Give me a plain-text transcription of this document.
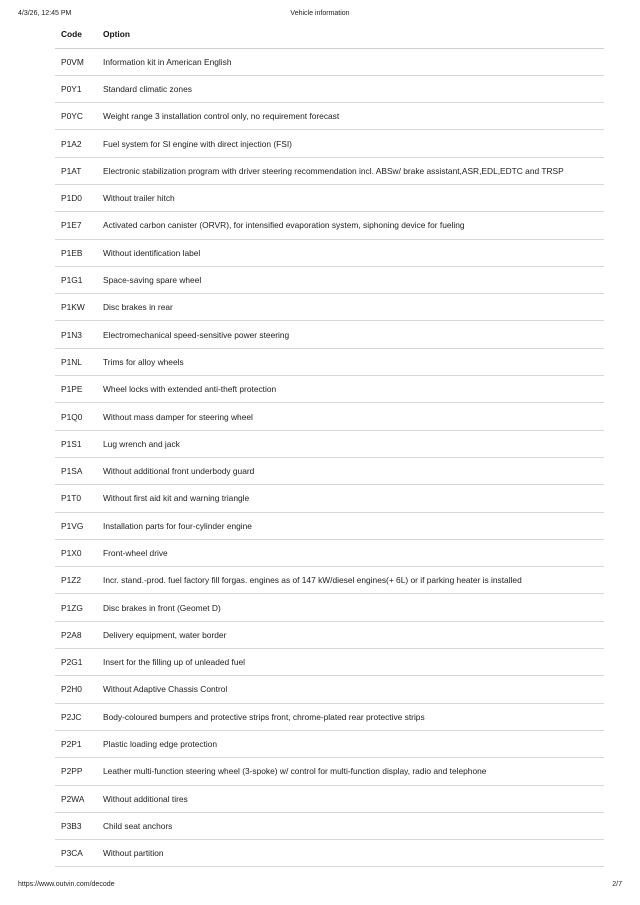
4/3/26, 12:45 PM	Vehicle information
Code	Option
P0VM	Information kit in American English
P0Y1	Standard climatic zones
P0YC	Weight range 3 installation control only, no requirement forecast
P1A2	Fuel system for SI engine with direct injection (FSI)
P1AT	Electronic stabilization program with driver steering recommendation incl. ABSw/ brake assistant,ASR,EDL,EDTC and TRSP
P1D0	Without trailer hitch
P1E7	Activated carbon canister (ORVR), for intensified evaporation system, siphoning device for fueling
P1EB	Without identification label
P1G1	Space-saving spare wheel
P1KW	Disc brakes in rear
P1N3	Electromechanical speed-sensitive power steering
P1NL	Trims for alloy wheels
P1PE	Wheel locks with extended anti-theft protection
P1Q0	Without mass damper for steering wheel
P1S1	Lug wrench and jack
P1SA	Without additional front underbody guard
P1T0	Without first aid kit and warning triangle
P1VG	Installation parts for four-cylinder engine
P1X0	Front-wheel drive
P1Z2	Incr. stand.-prod. fuel factory fill forgas. engines as of 147 kW/diesel engines(+ 6L) or if parking heater is installed
P1ZG	Disc brakes in front (Geomet D)
P2A8	Delivery equipment, water border
P2G1	Insert for the filling up of unleaded fuel
P2H0	Without Adaptive Chassis Control
P2JC	Body-coloured bumpers and protective strips front, chrome-plated rear protective strips
P2P1	Plastic loading edge protection
P2PP	Leather multi-function steering wheel (3-spoke) w/ control for multi-function display, radio and telephone
P2WA	Without additional tires
P3B3	Child seat anchors
P3CA	Without partition
https://www.outvin.com/decode	2/7
